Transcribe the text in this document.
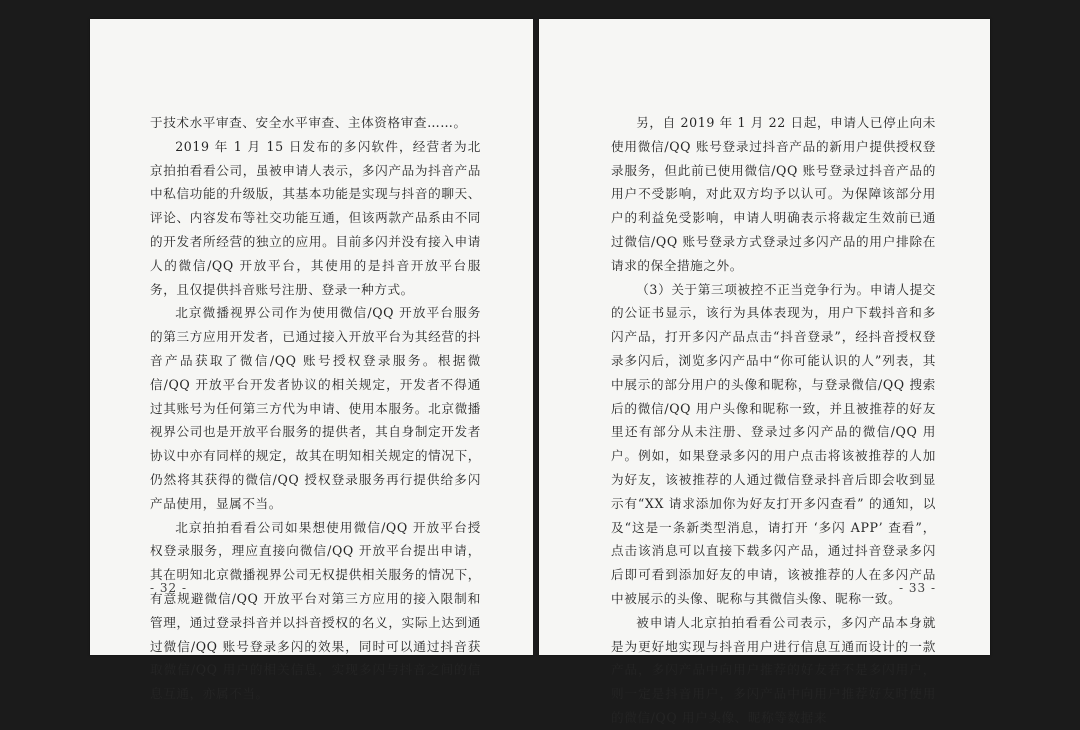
于技术水平审查、安全水平审查、主体资格审查……。

2019 年 1 月 15 日发布的多闪软件，经营者为北京拍拍看看公司，虽被申请人表示，多闪产品为抖音产品中私信功能的升级版，其基本功能是实现与抖音的聊天、评论、内容发布等社交功能互通，但该两款产品系由不同的开发者所经营的独立的应用。目前多闪并没有接入申请人的微信/QQ 开放平台，其使用的是抖音开放平台服务，且仅提供抖音账号注册、登录一种方式。

北京微播视界公司作为使用微信/QQ 开放平台服务的第三方应用开发者，已通过接入开放平台为其经营的抖音产品获取了微信/QQ 账号授权登录服务。根据微信/QQ 开放平台开发者协议的相关规定，开发者不得通过其账号为任何第三方代为申请、使用本服务。北京微播视界公司也是开放平台服务的提供者，其自身制定开发者协议中亦有同样的规定，故其在明知相关规定的情况下，仍然将其获得的微信/QQ 授权登录服务再行提供给多闪产品使用，显属不当。

北京拍拍看看公司如果想使用微信/QQ 开放平台授权登录服务，理应直接向微信/QQ 开放平台提出申请，其在明知北京微播视界公司无权提供相关服务的情况下，有意规避微信/QQ 开放平台对第三方应用的接入限制和管理，通过登录抖音并以抖音授权的名义，实际上达到通过微信/QQ 账号登录多闪的效果，同时可以通过抖音获取微信/QQ 用户的相关信息，实现多闪与抖音之间的信息互通，亦属不当。

- 32 -

另，自 2019 年 1 月 22 日起，申请人已停止向未使用微信/QQ 账号登录过抖音产品的新用户提供授权登录服务，但此前已使用微信/QQ 账号登录过抖音产品的用户不受影响，对此双方均予以认可。为保障该部分用户的利益免受影响，申请人明确表示将裁定生效前已通过微信/QQ 账号登录方式登录过多闪产品的用户排除在请求的保全措施之外。

（3）关于第三项被控不正当竞争行为。申请人提交的公证书显示，该行为具体表现为，用户下载抖音和多闪产品，打开多闪产品点击“抖音登录”，经抖音授权登录多闪后，浏览多闪产品中“你可能认识的人”列表，其中展示的部分用户的头像和昵称，与登录微信/QQ 搜索后的微信/QQ 用户头像和昵称一致，并且被推荐的好友里还有部分从未注册、登录过多闪产品的微信/QQ 用户。例如，如果登录多闪的用户点击将该被推荐的人加为好友，该被推荐的人通过微信登录抖音后即会收到显示有“XX 请求添加你为好友打开多闪查看” 的通知，以及“这是一条新类型消息，请打开 ‘多闪 APP’ 查看”，点击该消息可以直接下载多闪产品，通过抖音登录多闪后即可看到添加好友的申请，该被推荐的人在多闪产品中被展示的头像、昵称与其微信头像、昵称一致。

被申请人北京拍拍看看公司表示，多闪产品本身就是为更好地实现与抖音用户进行信息互通而设计的一款产品，多闪产品中向用户推荐的好友若不是多闪用户，则一定是抖音用户，多闪产品中向用户推荐好友时使用的微信/QQ 用户头像、昵称等数据来

- 33 -
